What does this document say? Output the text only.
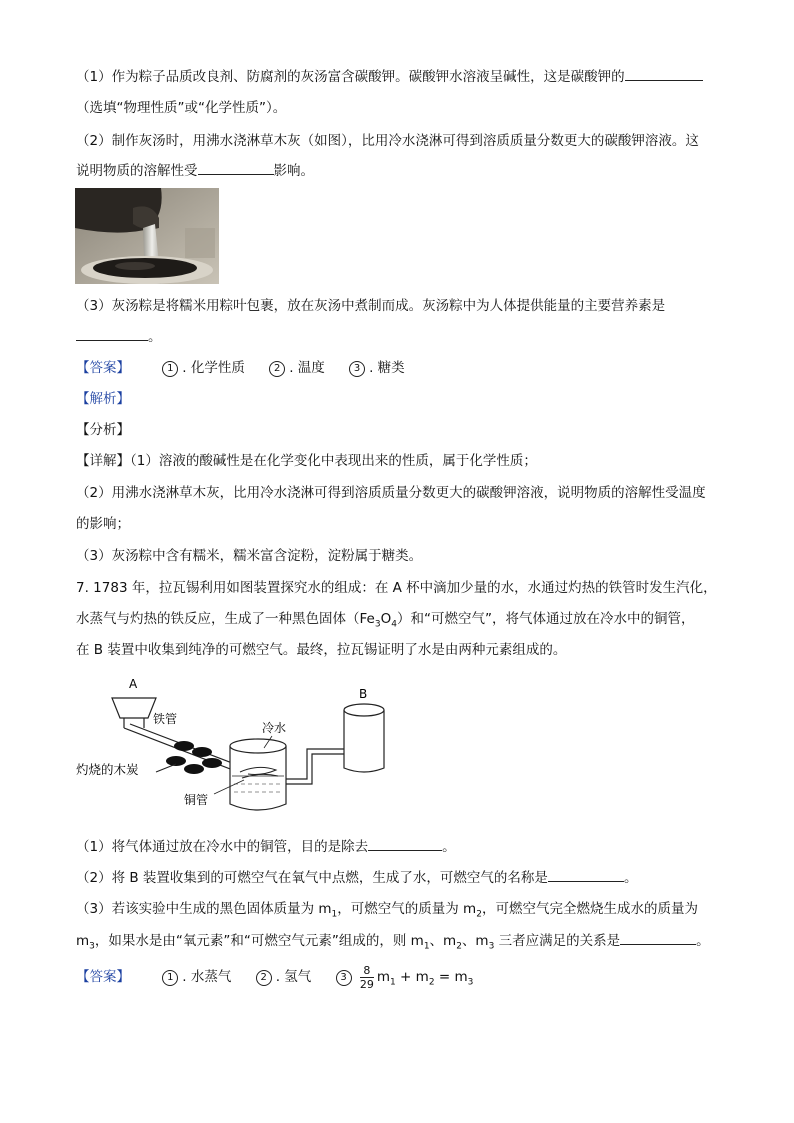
（1）作为粽子品质改良剂、防腐剂的灰汤富含碳酸钾。碳酸钾水溶液呈碱性，这是碳酸钾的
（选填“物理性质”或“化学性质”）。
（2）制作灰汤时，用沸水浇淋草木灰（如图），比用冷水浇淋可得到溶质质量分数更大的碳酸钾溶液。这
说明物质的溶解性受	影响。
（3）灰汤粽是将糯米用粽叶包裹，放在灰汤中煮制而成。灰汤粽中为人体提供能量的主要营养素是
。
【答案】	1 . 化学性质	2 . 温度	3 . 糖类
【解析】
【分析】
【详解】（1）溶液的酸碱性是在化学变化中表现出来的性质，属于化学性质；
（2）用沸水浇淋草木灰，比用冷水浇淋可得到溶质质量分数更大的碳酸钾溶液，说明物质的溶解性受温度
的影响；
（3）灰汤粽中含有糯米，糯米富含淀粉，淀粉属于糖类。
7. 1783 年，拉瓦锡利用如图装置探究水的组成：在 A 杯中滴加少量的水，水通过灼热的铁管时发生汽化，
水蒸气与灼热的铁反应，生成了一种黑色固体$(Fe_3O_4)$和“可燃空气”，将气体通过放在冷水中的铜管，
在 B 装置中收集到纯净的可燃空气。最终，拉瓦锡证明了水是由两种元素组成的。
A
铁管
灼烧的木炭
冷水
铜管
B
（1）将气体通过放在冷水中的铜管，目的是除去	。
（2）将 B 装置收集到的可燃空气在氧气中点燃，生成了水，可燃空气的名称是	。
（3）若该实验中生成的黑色固体质量为 $m_1$，可燃空气的质量为 $m_2$，可燃空气完全燃烧生成水的质量为
$m_3$，如果水是由“氧元素”和“可燃空气元素”组成的，则 $m_1$、$m_2$、$m_3$ 三者应满足的关系是	。
【答案】	1 . 水蒸气	2 . 氢气	$3 \frac{8}{29} m_1 + m_2 = m_3$
